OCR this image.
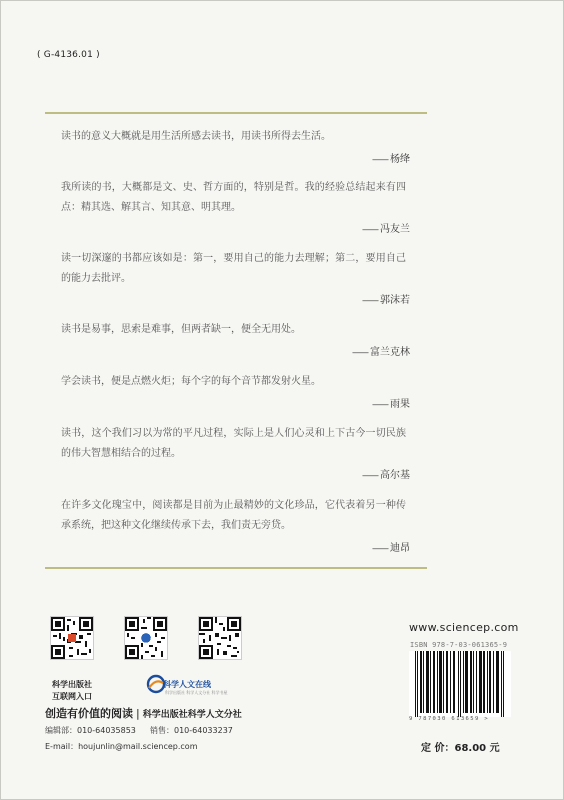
( G-4136.01 )
读书的意义大概就是用生活所感去读书，用读书所得去生活。
—— 杨绛
我所读的书，大概都是文、史、哲方面的，特别是哲。我的经验总结起来有四点：精其选、解其言、知其意、明其理。
—— 冯友兰
读一切深邃的书都应该如是：第一，要用自己的能力去理解；第二，要用自己的能力去批评。
—— 郭沫若
读书是易事，思索是难事，但两者缺一，便全无用处。
—— 富兰克林
学会读书，便是点燃火炬；每个字的每个音节都发射火星。
—— 雨果
读书，这个我们习以为常的平凡过程，实际上是人们心灵和上下古今一切民族的伟大智慧相结合的过程。
—— 高尔基
在许多文化瑰宝中，阅读都是目前为止最精妙的文化珍品，它代表着另一种传承系统，把这种文化继续传承下去，我们责无旁贷。
—— 迪昂
科学出版社
互联网入口
科学人文在线
科学出版社 科学人文分社 科学书屋
创造有价值的阅读 | 科学出版社科学人文分社
编辑部：010-64035853 销售：010-64033237
E-mail：houjunlin@mail.sciencep.com
www.sciencep.com
ISBN 978-7-03-061365-9
9 787030 613659 >
定 价：68.00 元
